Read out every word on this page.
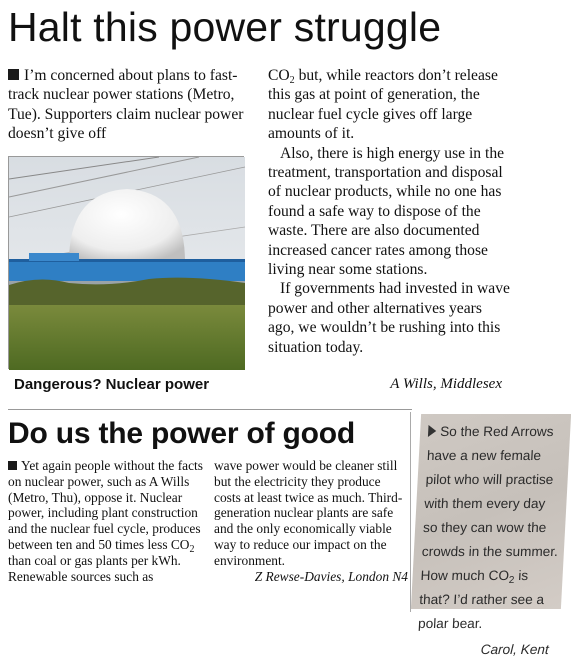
Halt this power struggle

I’m concerned about plans to fast-track nuclear power stations (Metro, Tue). Supporters claim nuclear power doesn’t give off

Dangerous? Nuclear power

$CO_2$ but, while reactors don’t release this gas at point of generation, the nuclear fuel cycle gives off large amounts of it.

Also, there is high energy use in the treatment, transportation and disposal of nuclear products, while no one has found a safe way to dispose of the waste. There are also documented increased cancer rates among those living near some stations.

If governments had invested in wave power and other alternatives years ago, we wouldn’t be rushing into this situation today.

A Wills, Middlesex
Do us the power of good

Yet again people without the facts on nuclear power, such as A Wills (Metro, Thu), oppose it. Nuclear power, including plant construction and the nuclear fuel cycle, produces between ten and 50 times less $CO_2$ than coal or gas plants per kWh. Renewable sources such as

wave power would be cleaner still but the electricity they produce costs at least twice as much. Third-generation nuclear plants are safe and the only economically viable way to reduce our impact on the environment.

Z Rewse-Davies, London N4

So the Red Arrows have a new female pilot who will practise with them every day so they can wow the crowds in the summer. How much $CO_2$ is that? I’d rather see a polar bear.
Carol, Kent
